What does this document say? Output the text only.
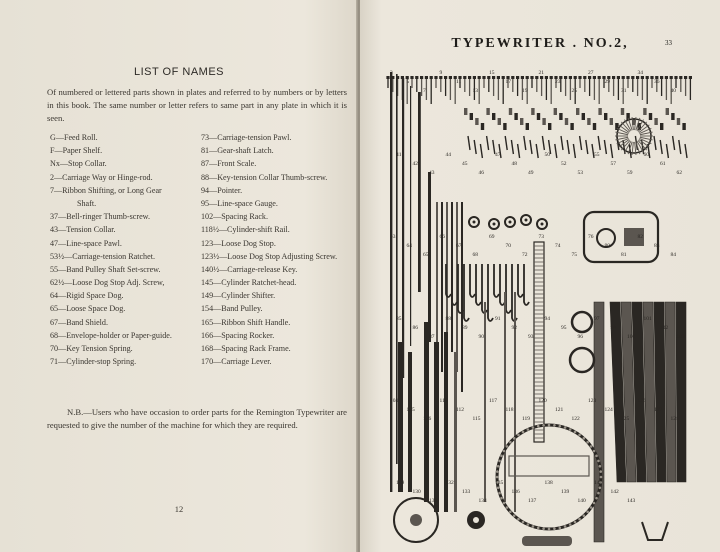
LIST OF NAMES
Of numbered or lettered parts shown in plates and referred to by numbers or by letters in this book. The same number or letter refers to same part in any plate in which it is seen.
G—Feed Roll.
F—Paper Shelf.
Nx—Stop Collar.
2—Carriage Way or Hinge-rod.
7—Ribbon Shifting, or Long Gear
Shaft.
37—Bell-ringer Thumb-screw.
43—Tension Collar.
47—Line-space Pawl.
53½—Carriage-tension Ratchet.
55—Band Pulley Shaft Set-screw.
62½—Loose Dog Stop Adj. Screw,
64—Rigid Space Dog.
65—Loose Space Dog.
67—Band Shield.
68—Envelope-holder or Paper-guide.
70—Key Tension Spring.
71—Cylinder-stop Spring.
73—Carriage-tension Pawl.
81—Gear-shaft Latch.
87—Front Scale.
88—Key-tension Collar Thumb-screw.
94—Pointer.
95—Line-space Gauge.
102—Spacing Rack.
118½—Cylinder-shift Rail.
123—Loose Dog Stop.
123½—Loose Dog Stop Adjusting Screw.
140½—Carriage-release Key.
145—Cylinder Ratchet-head.
149—Cylinder Shifter.
154—Band Pulley.
165—Ribbon Shift Handle.
166—Spacing Rocker.
168—Spacing Rack Frame.
170—Carriage Lever.
N.B.—Users who have occasion to order parts for the Remington Typewriter are requested to give the number of the machine for which they are required.
12
TYPEWRITER . NO.2,	33
3
5
7
9
11
13
15
17
19
21
23
25
27
29
31
34
36
40
41
42
43
44
45
46
47
48
49
50
52
53
55
57
59
60
61
62
63
64
65
66
67
68
69
70
72
73
74
75
76
80
81
82
83
84
85
86
87
88
89
90
91
92
93
94
95
96
97
98
100
101
102
103
104
105
106
110
112
115
117
118
119
120
121
122
123
124
125
126
127
128
129
130
131
132
133
134
135
136
137
138
139
140
141
142
143
